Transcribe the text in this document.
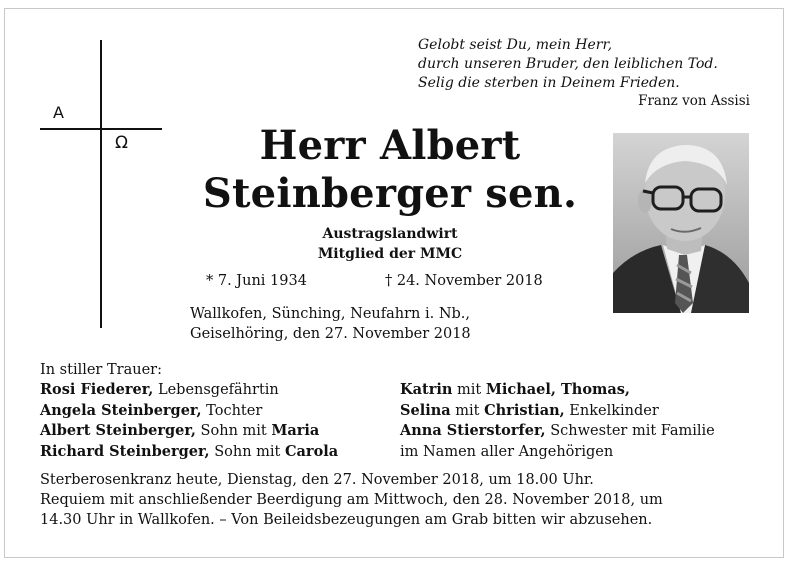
A
Ω
Gelobt seist Du, mein Herr,
durch unseren Bruder, den leiblichen Tod.
Selig die sterben in Deinem Frieden.
Franz von Assisi
Herr Albert
Steinberger sen.
Austragslandwirt
Mitglied der MMC
* 7. Juni 1934	† 24. November 2018
Wallkofen, Sünching, Neufahrn i. Nb.,
Geiselhöring, den 27. November 2018
In stiller Trauer:
Rosi Fiederer, Lebensgefährtin
Angela Steinberger, Tochter
Albert Steinberger, Sohn mit Maria
Richard Steinberger, Sohn mit Carola
Katrin mit Michael, Thomas,
Selina mit Christian, Enkelkinder
Anna Stierstorfer, Schwester mit Familie
im Namen aller Angehörigen
Sterberosenkranz heute, Dienstag, den 27. November 2018, um 18.00 Uhr.
Requiem mit anschließender Beerdigung am Mittwoch, den 28. November 2018, um
14.30 Uhr in Wallkofen. – Von Beileidsbezeugungen am Grab bitten wir abzusehen.
